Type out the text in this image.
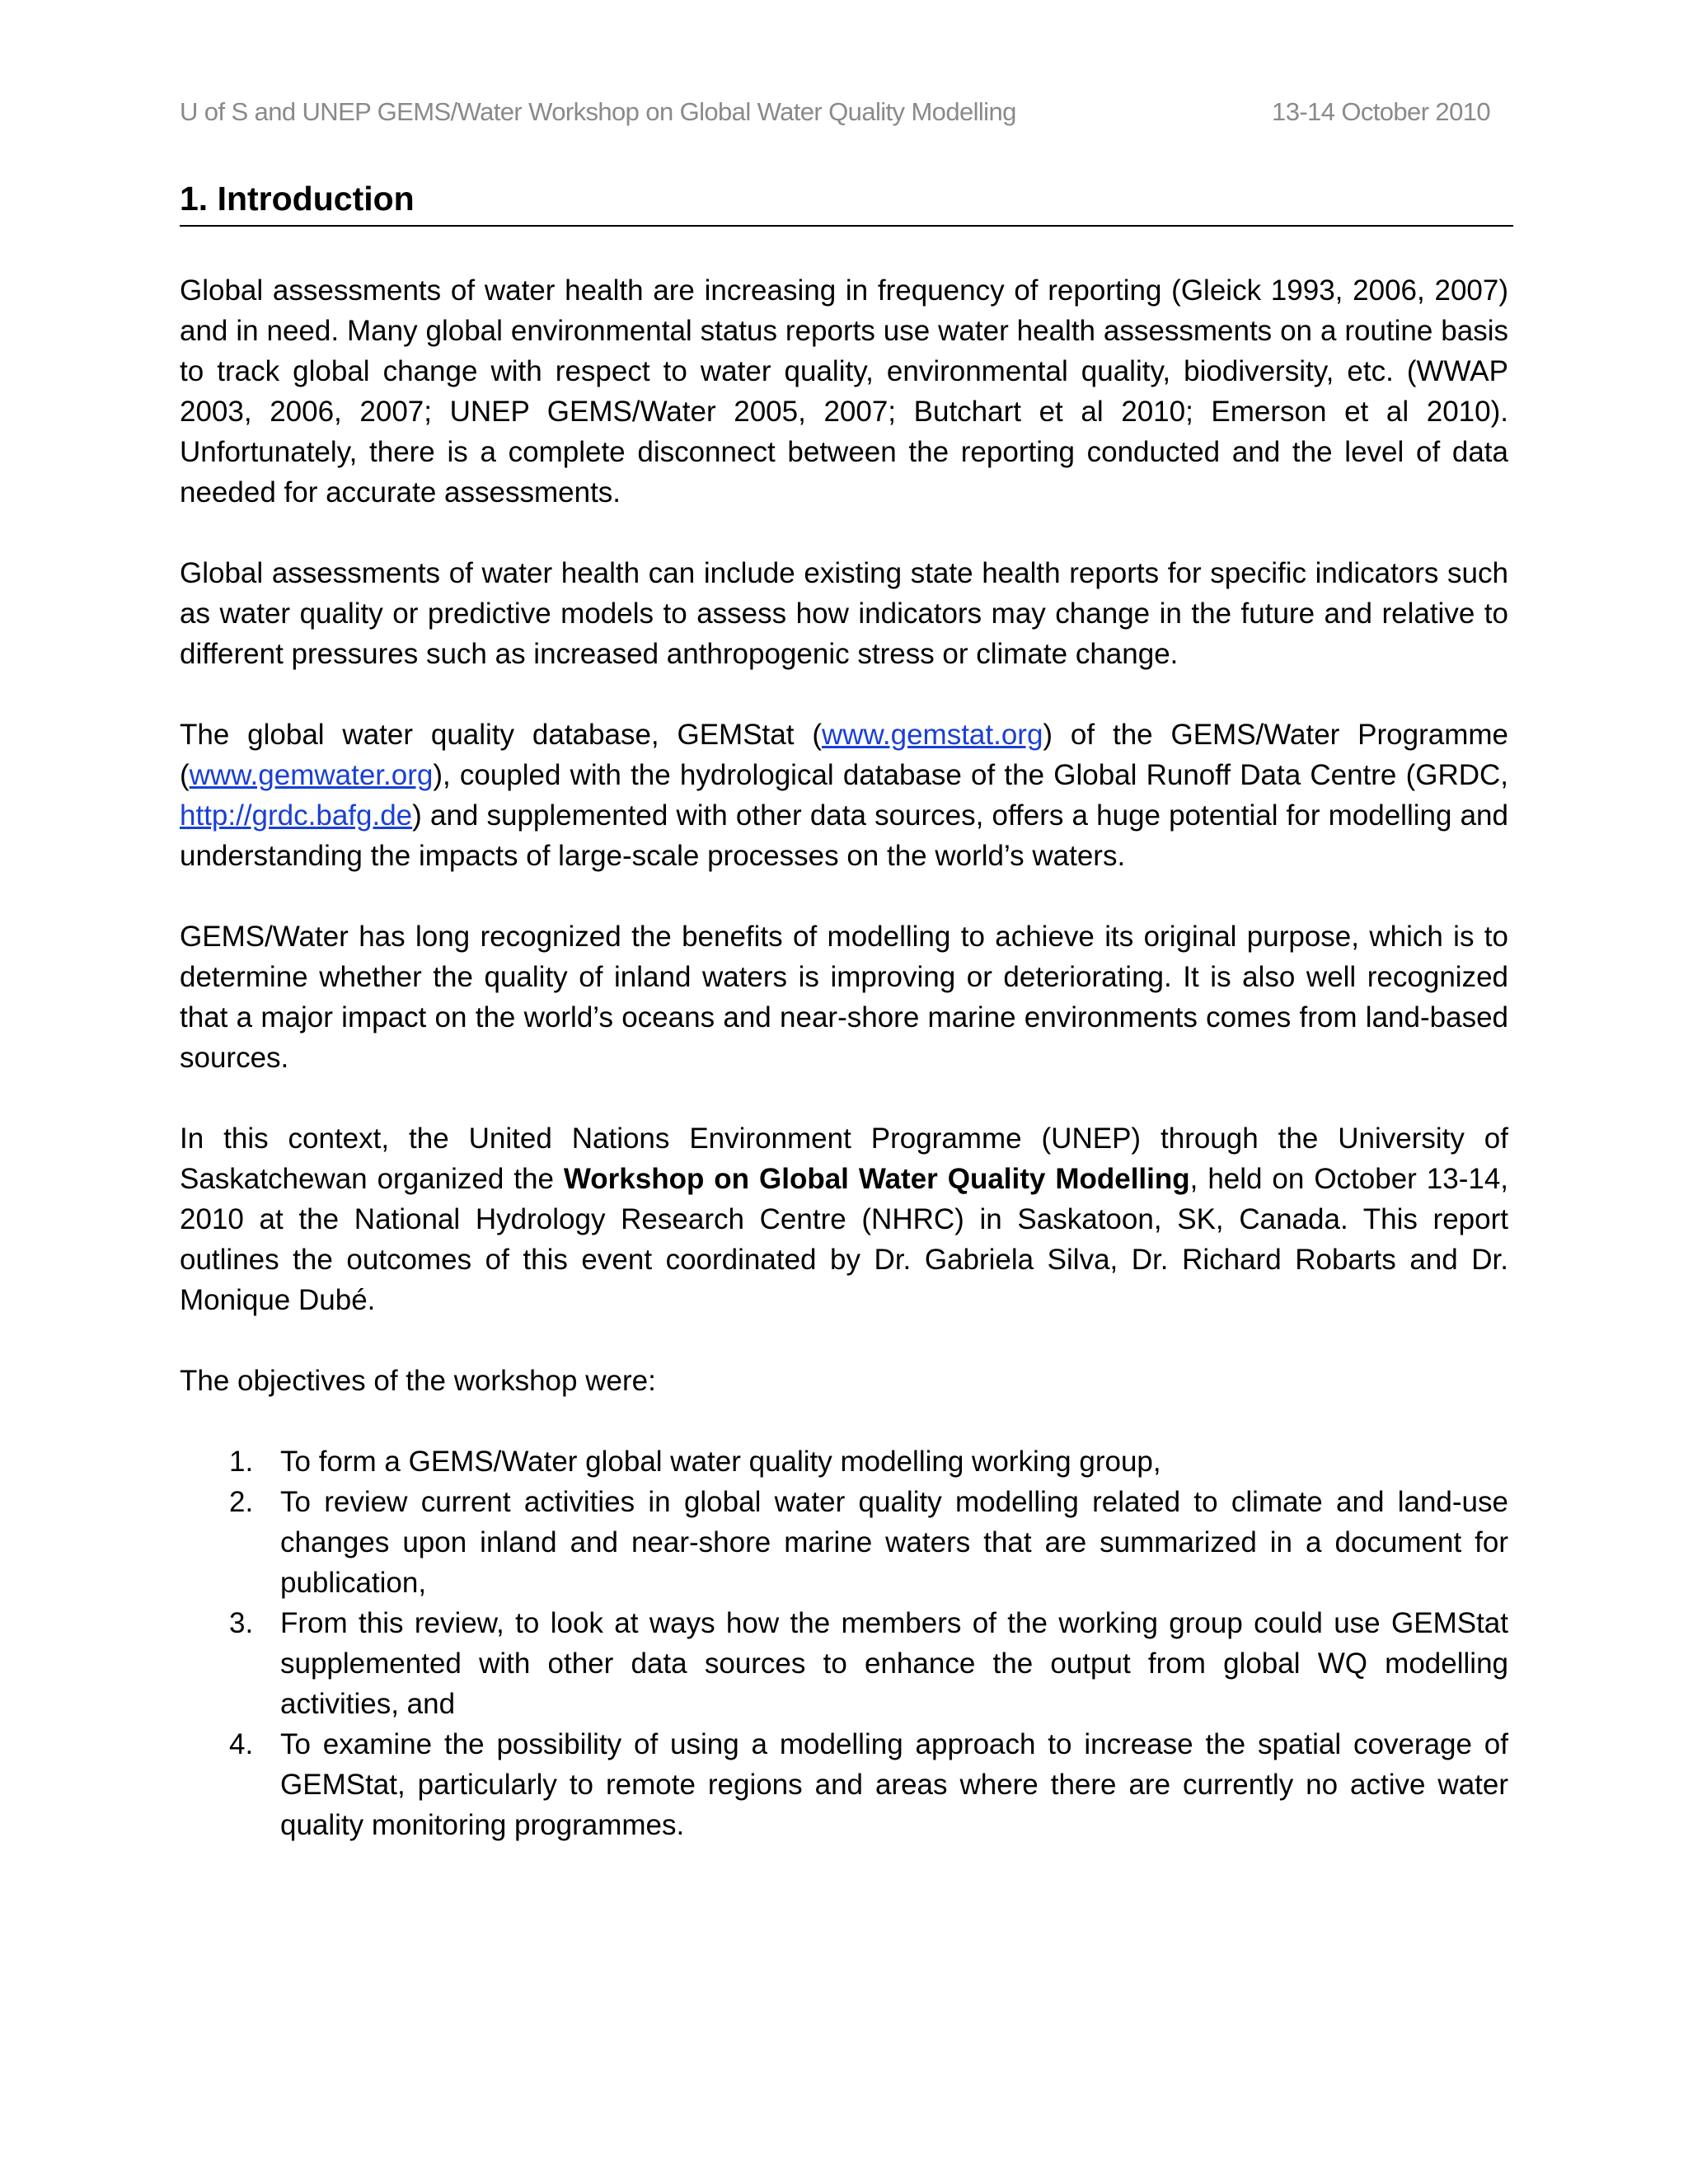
U of S and UNEP GEMS/Water Workshop on Global Water Quality Modelling	13-14 October 2010
1. Introduction

Global assessments of water health are increasing in frequency of reporting (Gleick 1993, 2006, 2007) and in need. Many global environmental status reports use water health assessments on a routine basis to track global change with respect to water quality, environmental quality, biodiversity, etc. (WWAP 2003, 2006, 2007; UNEP GEMS/Water 2005, 2007; Butchart et al 2010; Emerson et al 2010). Unfortunately, there is a complete disconnect between the reporting conducted and the level of data needed for accurate assessments.

Global assessments of water health can include existing state health reports for specific indicators such as water quality or predictive models to assess how indicators may change in the future and relative to different pressures such as increased anthropogenic stress or climate change.

The global water quality database, GEMStat (www.gemstat.org) of the GEMS/Water Programme (www.gemwater.org), coupled with the hydrological database of the Global Runoff Data Centre (GRDC, http://grdc.bafg.de) and supplemented with other data sources, offers a huge potential for modelling and understanding the impacts of large-scale processes on the world’s waters.

GEMS/Water has long recognized the benefits of modelling to achieve its original purpose, which is to determine whether the quality of inland waters is improving or deteriorating. It is also well recognized that a major impact on the world’s oceans and near-shore marine environments comes from land-based sources.

In this context, the United Nations Environment Programme (UNEP) through the University of Saskatchewan organized the Workshop on Global Water Quality Modelling, held on October 13-14, 2010 at the National Hydrology Research Centre (NHRC) in Saskatoon, SK, Canada. This report outlines the outcomes of this event coordinated by Dr. Gabriela Silva, Dr. Richard Robarts and Dr. Monique Dubé.

The objectives of the workshop were:

1. To form a GEMS/Water global water quality modelling working group,
2. To review current activities in global water quality modelling related to climate and land-use changes upon inland and near-shore marine waters that are summarized in a document for publication,
3. From this review, to look at ways how the members of the working group could use GEMStat supplemented with other data sources to enhance the output from global WQ modelling activities, and
4. To examine the possibility of using a modelling approach to increase the spatial coverage of GEMStat, particularly to remote regions and areas where there are currently no active water quality monitoring programmes.
